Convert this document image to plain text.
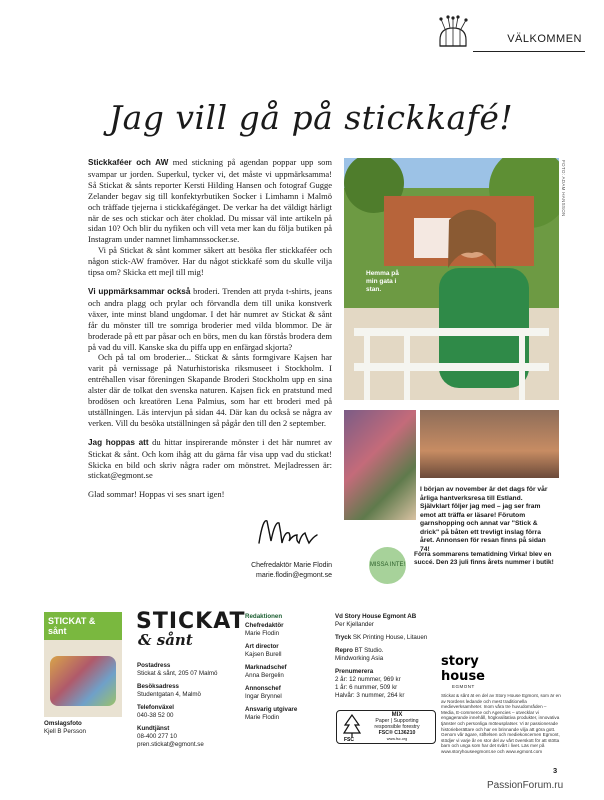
VÄLKOMMEN
Jag vill gå på stickkafé!

Stickkaféer och AW med stickning på agendan poppar upp som svampar ur jorden. Superkul, tycker vi, det måste vi uppmärksamma! Så Stickat & sånts reporter Kersti Hilding Hansen och fotograf Gugge Zelander begav sig till konfektyrbutiken Socker i Limhamn i Malmö och träffade tjejerna i stickkafégänget. De verkar ha det väldigt härligt när de ses och stickar och äter choklad. Du missar väl inte artikeln på sidan 10? Och blir du nyfiken och vill veta mer kan du följa butiken på Instagram under namnet limhamnssocker.se.

Vi på Stickat & sånt kommer säkert att besöka fler stickkaféer och någon stick-AW framöver. Har du något stickkafé som du skulle vilja tipsa om? Skicka ett mejl till mig!

Vi uppmärksammar också broderi. Trenden att pryda t-shirts, jeans och andra plagg och prylar och förvandla dem till unika konstverk växer, inte minst bland ungdomar. I det här numret av Stickat & sånt får du mönster till tre somriga broderier med vilda blommor. De är broderade på ett par påsar och en börs, men du kan förstås brodera dem på vad du vill. Kanske ska du piffa upp en enfärgad skjorta?

Och på tal om broderier... Stickat & sånts formgivare Kajsen har varit på vernissage på Naturhistoriska riksmuseet i Stockholm. I entréhallen visar föreningen Skapande Broderi Stockholm upp en sina alster där de tolkat den svenska naturen. Kajsen fick en pratstund med brodösen och kreatören Lena Palmius, som har ett broderi med på utställningen. Läs intervjun på sidan 44. Där kan du också se några av verken. Vill du besöka utställningen så pågår den till den 2 september.

Jag hoppas att du hittar inspirerande mönster i det här numret av Stickat & sånt. Och kom ihåg att du gärna får visa upp vad du stickat! Skicka en bild och skriv några rader om mönstret. Mejladressen är: stickat@egmont.se

Glad sommar! Hoppas vi ses snart igen!

Marie
Chefredaktör Marie Flodin
marie.flodin@egmont.se
FOTO: ADAM HANSSON
Hemma på min gata i stan.
I början av november är det dags för vår årliga hantverksresa till Estland. Självklart följer jag med – jag ser fram emot att träffa er läsare! Förutom garnshopping och annat var "Stick & drick" på båten ett trevligt inslag förra året. Annonsen för resan finns på sidan 74!
MISSA INTE!
Förra sommarens tematidning Virka! blev en succé. Den 23 juli finns årets nummer i butik!
STICKAT & sånt
Omslagsfoto
Kjell B Persson
STICKAT
& sånt
Postadress
Stickat & sånt, 205 07 Malmö
Besöksadress
Studentgatan 4, Malmö
Telefonväxel
040-38 52 00
Kundtjänst
08-400 277 10
pren.stickat@egmont.se
Redaktionen
Chefredaktör
Marie Flodin
Art director
Kajsen Burell
Marknadschef
Anna Bergelin
Annonschef
Ingar Brynnel
Ansvarig utgivare
Marie Flodin
Vd Story House Egmont AB
Per Kjellander
Tryck SK Printing House, Litauen
Repro BT Studio.
Mindworking Asia
Prenumerera
2 år: 12 nummer, 969 kr
1 år: 6 nummer, 509 kr
Halvår: 3 nummer, 264 kr
FSC
MIX
Paper | Supporting
responsible forestry
FSC® C136210
www.fsc.org
story
house
story house
EGMONT
Stickat & sånt ät en del av Story House Egmont, som är en av Nordens ledande och mest traditionella medieverksamheter. Inom våra tre huvudområden – Media, E-commerce och Agencies – utvecklar vi engagerande innehåll, högkvalitativa produkter, innovativa tjänster och personliga möteusplatser. Vi är passionerade historieberättare och har en brinnande vilja att göra gott. Genom vår ägare, stiftelsen och mediekoncernen Egmont, stödjer vi varje år en stor del av vårt överskott för att stötta barn och unga som har det svårt i livet. Läs mer på www.storyhouseegmont.se och www.egmont.com
3
PassionForum.ru
